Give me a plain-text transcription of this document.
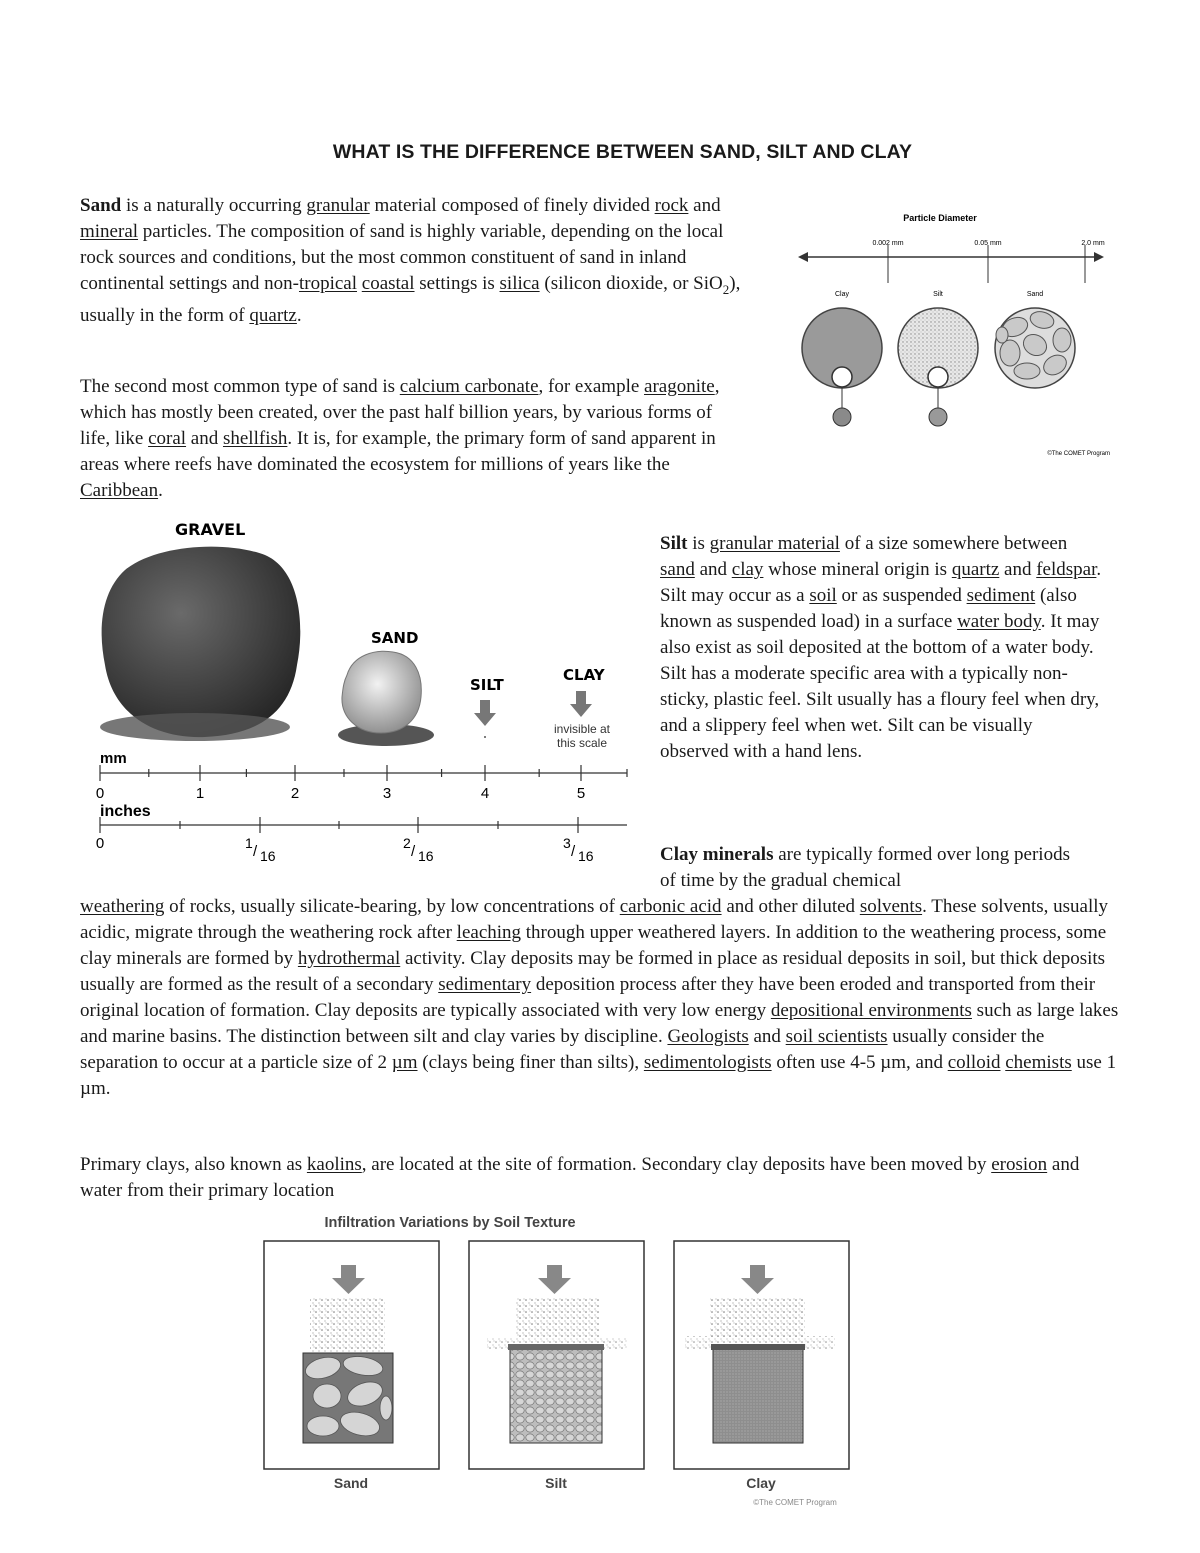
WHAT IS THE DIFFERENCE BETWEEN SAND, SILT AND CLAY
Sand is a naturally occurring granular material composed of finely divided rock and mineral particles. The composition of sand is highly variable, depending on the local rock sources and conditions, but the most common constituent of sand in inland continental settings and non-tropical coastal settings is silica (silicon dioxide, or SiO$_2$), usually in the form of quartz.
The second most common type of sand is calcium carbonate, for example aragonite, which has mostly been created, over the past half billion years, by various forms of life, like coral and shellfish. It is, for example, the primary form of sand apparent in areas where reefs have dominated the ecosystem for millions of years like the Caribbean.
Particle Diameter
0.002 mm	0.05 mm	2.0 mm
Clay	Silt	Sand
©The COMET Program
GRAVEL
SAND
SILT
CLAY
invisible at
this scale
mm
0	1	2	3	4	5
inches
0	1 / 16
2 / 16
3 / 16
Silt is granular material of a size somewhere between sand and clay whose mineral origin is quartz and feldspar. Silt may occur as a soil or as suspended sediment (also known as suspended load) in a surface water body. It may also exist as soil deposited at the bottom of a water body. Silt has a moderate specific area with a typically non-sticky, plastic feel. Silt usually has a floury feel when dry, and a slippery feel when wet. Silt can be visually observed with a hand lens.
Clay minerals are typically formed over long periods of time by the gradual chemical
weathering of rocks, usually silicate-bearing, by low concentrations of carbonic acid and other diluted solvents. These solvents, usually acidic, migrate through the weathering rock after leaching through upper weathered layers. In addition to the weathering process, some clay minerals are formed by hydrothermal activity. Clay deposits may be formed in place as residual deposits in soil, but thick deposits usually are formed as the result of a secondary sedimentary deposition process after they have been eroded and transported from their original location of formation. Clay deposits are typically associated with very low energy depositional environments such as large lakes and marine basins. The distinction between silt and clay varies by discipline. Geologists and soil scientists usually consider the separation to occur at a particle size of 2 µm (clays being finer than silts), sedimentologists often use 4-5 µm, and colloid chemists use 1 µm.
Primary clays, also known as kaolins, are located at the site of formation. Secondary clay deposits have been moved by erosion and water from their primary location
Infiltration Variations by Soil Texture
Sand	Silt	Clay
©The COMET Program
